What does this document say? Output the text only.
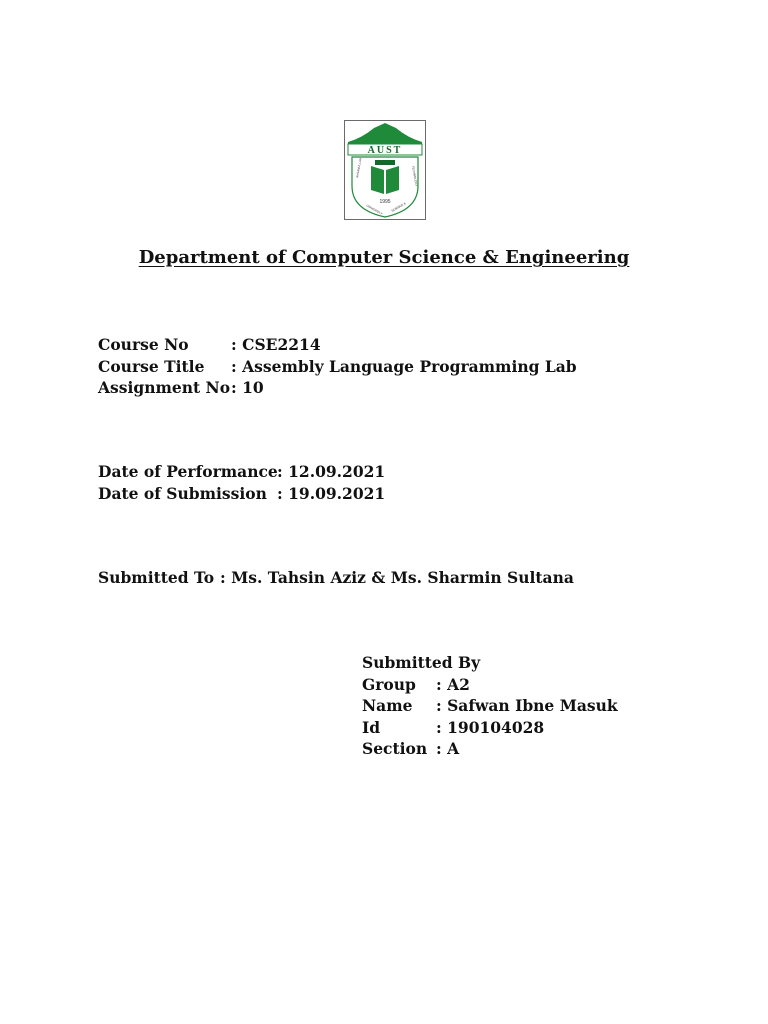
AUST
1995
AHSANULLAH	TECHNOLOGY
UNIVERSITY SCIENCE &
Department of Computer Science & Engineering
Course No	: CSE2214
Course Title	: Assembly Language Programming Lab
Assignment No : 10
Date of Performance : 12.09.2021
Date of Submission : 19.09.2021
Submitted To : Ms. Tahsin Aziz & Ms. Sharmin Sultana
Submitted By
Group	: A2
Name	: Safwan Ibne Masuk
Id	: 190104028
Section : A
